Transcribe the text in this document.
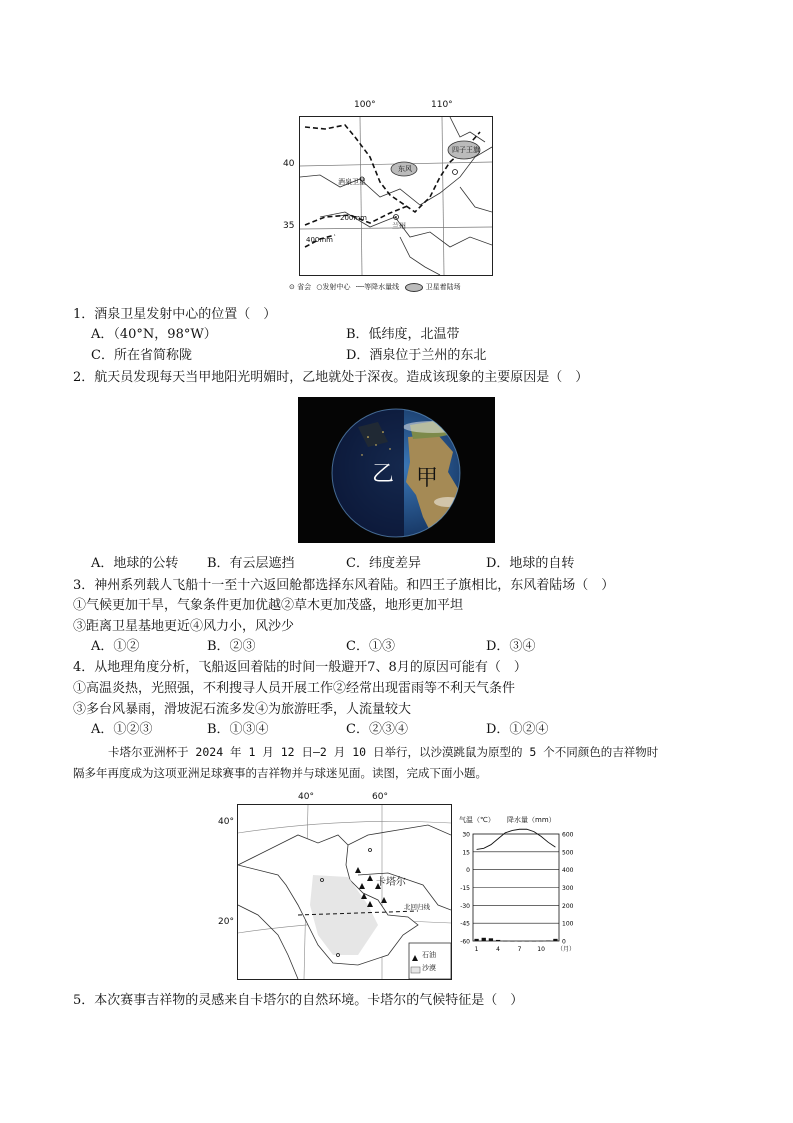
100°	110°
40
35
东风
四子王旗
酒泉卫星
兰州
200mm
400mm
⊙ 省会 ○发射中心 ╌╌等降水量线	卫星着陆场
1．酒泉卫星发射中心的位置（　）
A．（40°N，98°W）	B．低纬度，北温带
C．所在省简称陇	D．酒泉位于兰州的东北
2．航天员发现每天当甲地阳光明媚时，乙地就处于深夜。造成该现象的主要原因是（　）
乙 甲
A．地球的公转 B．有云层遮挡	C．纬度差异	D．地球的自转
3．神州系列载人飞船十一至十六返回舱都选择东风着陆。和四王子旗相比，东风着陆场（　）
①气候更加干旱，气象条件更加优越②草木更加茂盛，地形更加平坦
③距离卫星基地更近④风力小，风沙少
A．①②	B．②③	C．①③	D．③④
4．从地理角度分析，飞船返回着陆的时间一般避开7、8月的原因可能有（　）
①高温炎热，光照强，不利搜寻人员开展工作②经常出现雷雨等不利天气条件
③多台风暴雨，滑坡泥石流多发④为旅游旺季，人流量较大
A．①②③	B．①③④	C．②③④	D．①②④
卡塔尔亚洲杯于 2024 年 1 月 12 日—2 月 10 日举行，以沙漠跳鼠为原型的 5 个不同颜色的吉祥物时
隔多年再度成为这项亚洲足球赛事的吉祥物并与球迷见面。读图，完成下面小题。
40°	60°
40°
20°
卡塔尔
北回归线
石油
沙漠
气温（℃） 降水量（mm）
30	600
15	500
0	400
-15	300
-30	200
-45	100
-60	0
1	4	7	10 （月）
5．本次赛事吉祥物的灵感来自卡塔尔的自然环境。卡塔尔的气候特征是（　）
